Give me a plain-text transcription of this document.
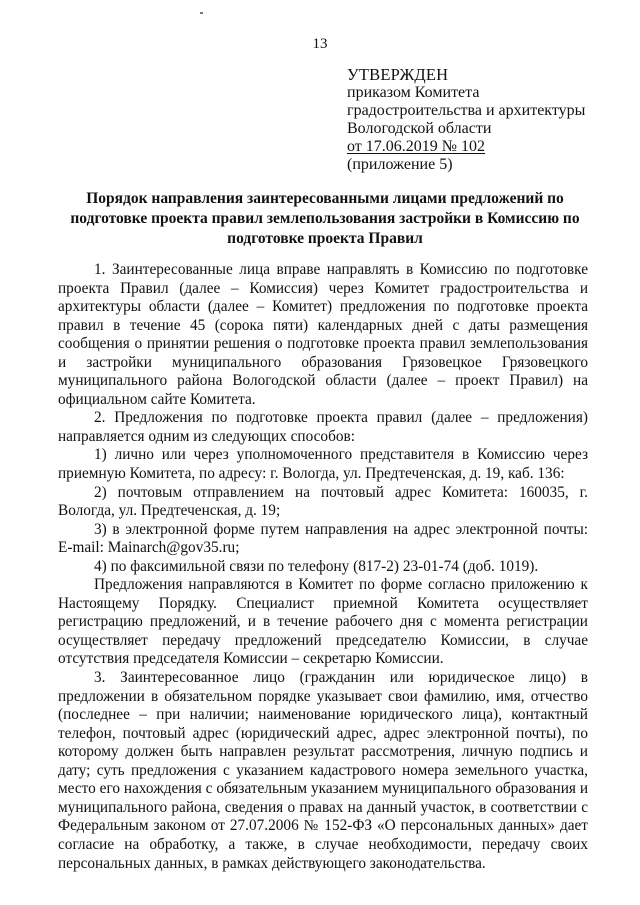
13
УТВЕРЖДЕН
приказом Комитета
градостроительства и архитектуры
Вологодской области
от 17.06.2019 № 102
(приложение 5)
Порядок направления заинтересованными лицами предложений по подготовке проекта правил землепользования застройки в Комиссию по подготовке проекта Правил

1. Заинтересованные лица вправе направлять в Комиссию по подготовке проекта Правил (далее – Комиссия) через Комитет градостроительства и архитектуры области (далее – Комитет) предложения по подготовке проекта правил в течение 45 (сорока пяти) календарных дней с даты размещения сообщения о принятии решения о подготовке проекта правил землепользования и застройки муниципального образования Грязовецкое Грязовецкого муниципального района Вологодской области (далее – проект Правил) на официальном сайте Комитета.

2. Предложения по подготовке проекта правил (далее – предложения) направляется одним из следующих способов:

1) лично или через уполномоченного представителя в Комиссию через приемную Комитета, по адресу: г. Вологда, ул. Предтеченская, д. 19, каб. 136:

2) почтовым отправлением на почтовый адрес Комитета: 160035, г. Вологда, ул. Предтеченская, д. 19;

3) в электронной форме путем направления на адрес электронной почты: E-mail: Mainarch@gov35.ru;

4) по факсимильной связи по телефону (817-2) 23-01-74 (доб. 1019).

Предложения направляются в Комитет по форме согласно приложению к Настоящему Порядку. Специалист приемной Комитета осуществляет регистрацию предложений, и в течение рабочего дня с момента регистрации осуществляет передачу предложений председателю Комиссии, в случае отсутствия председателя Комиссии – секретарю Комиссии.

3. Заинтересованное лицо (гражданин или юридическое лицо) в предложении в обязательном порядке указывает свои фамилию, имя, отчество (последнее – при наличии; наименование юридического лица), контактный телефон, почтовый адрес (юридический адрес, адрес электронной почты), по которому должен быть направлен результат рассмотрения, личную подпись и дату; суть предложения с указанием кадастрового номера земельного участка, место его нахождения с обязательным указанием муниципального образования и муниципального района, сведения о правах на данный участок, в соответствии с Федеральным законом от 27.07.2006 № 152-ФЗ «О персональных данных» дает согласие на обработку, а также, в случае необходимости, передачу своих персональных данных, в рамках действующего законодательства.
